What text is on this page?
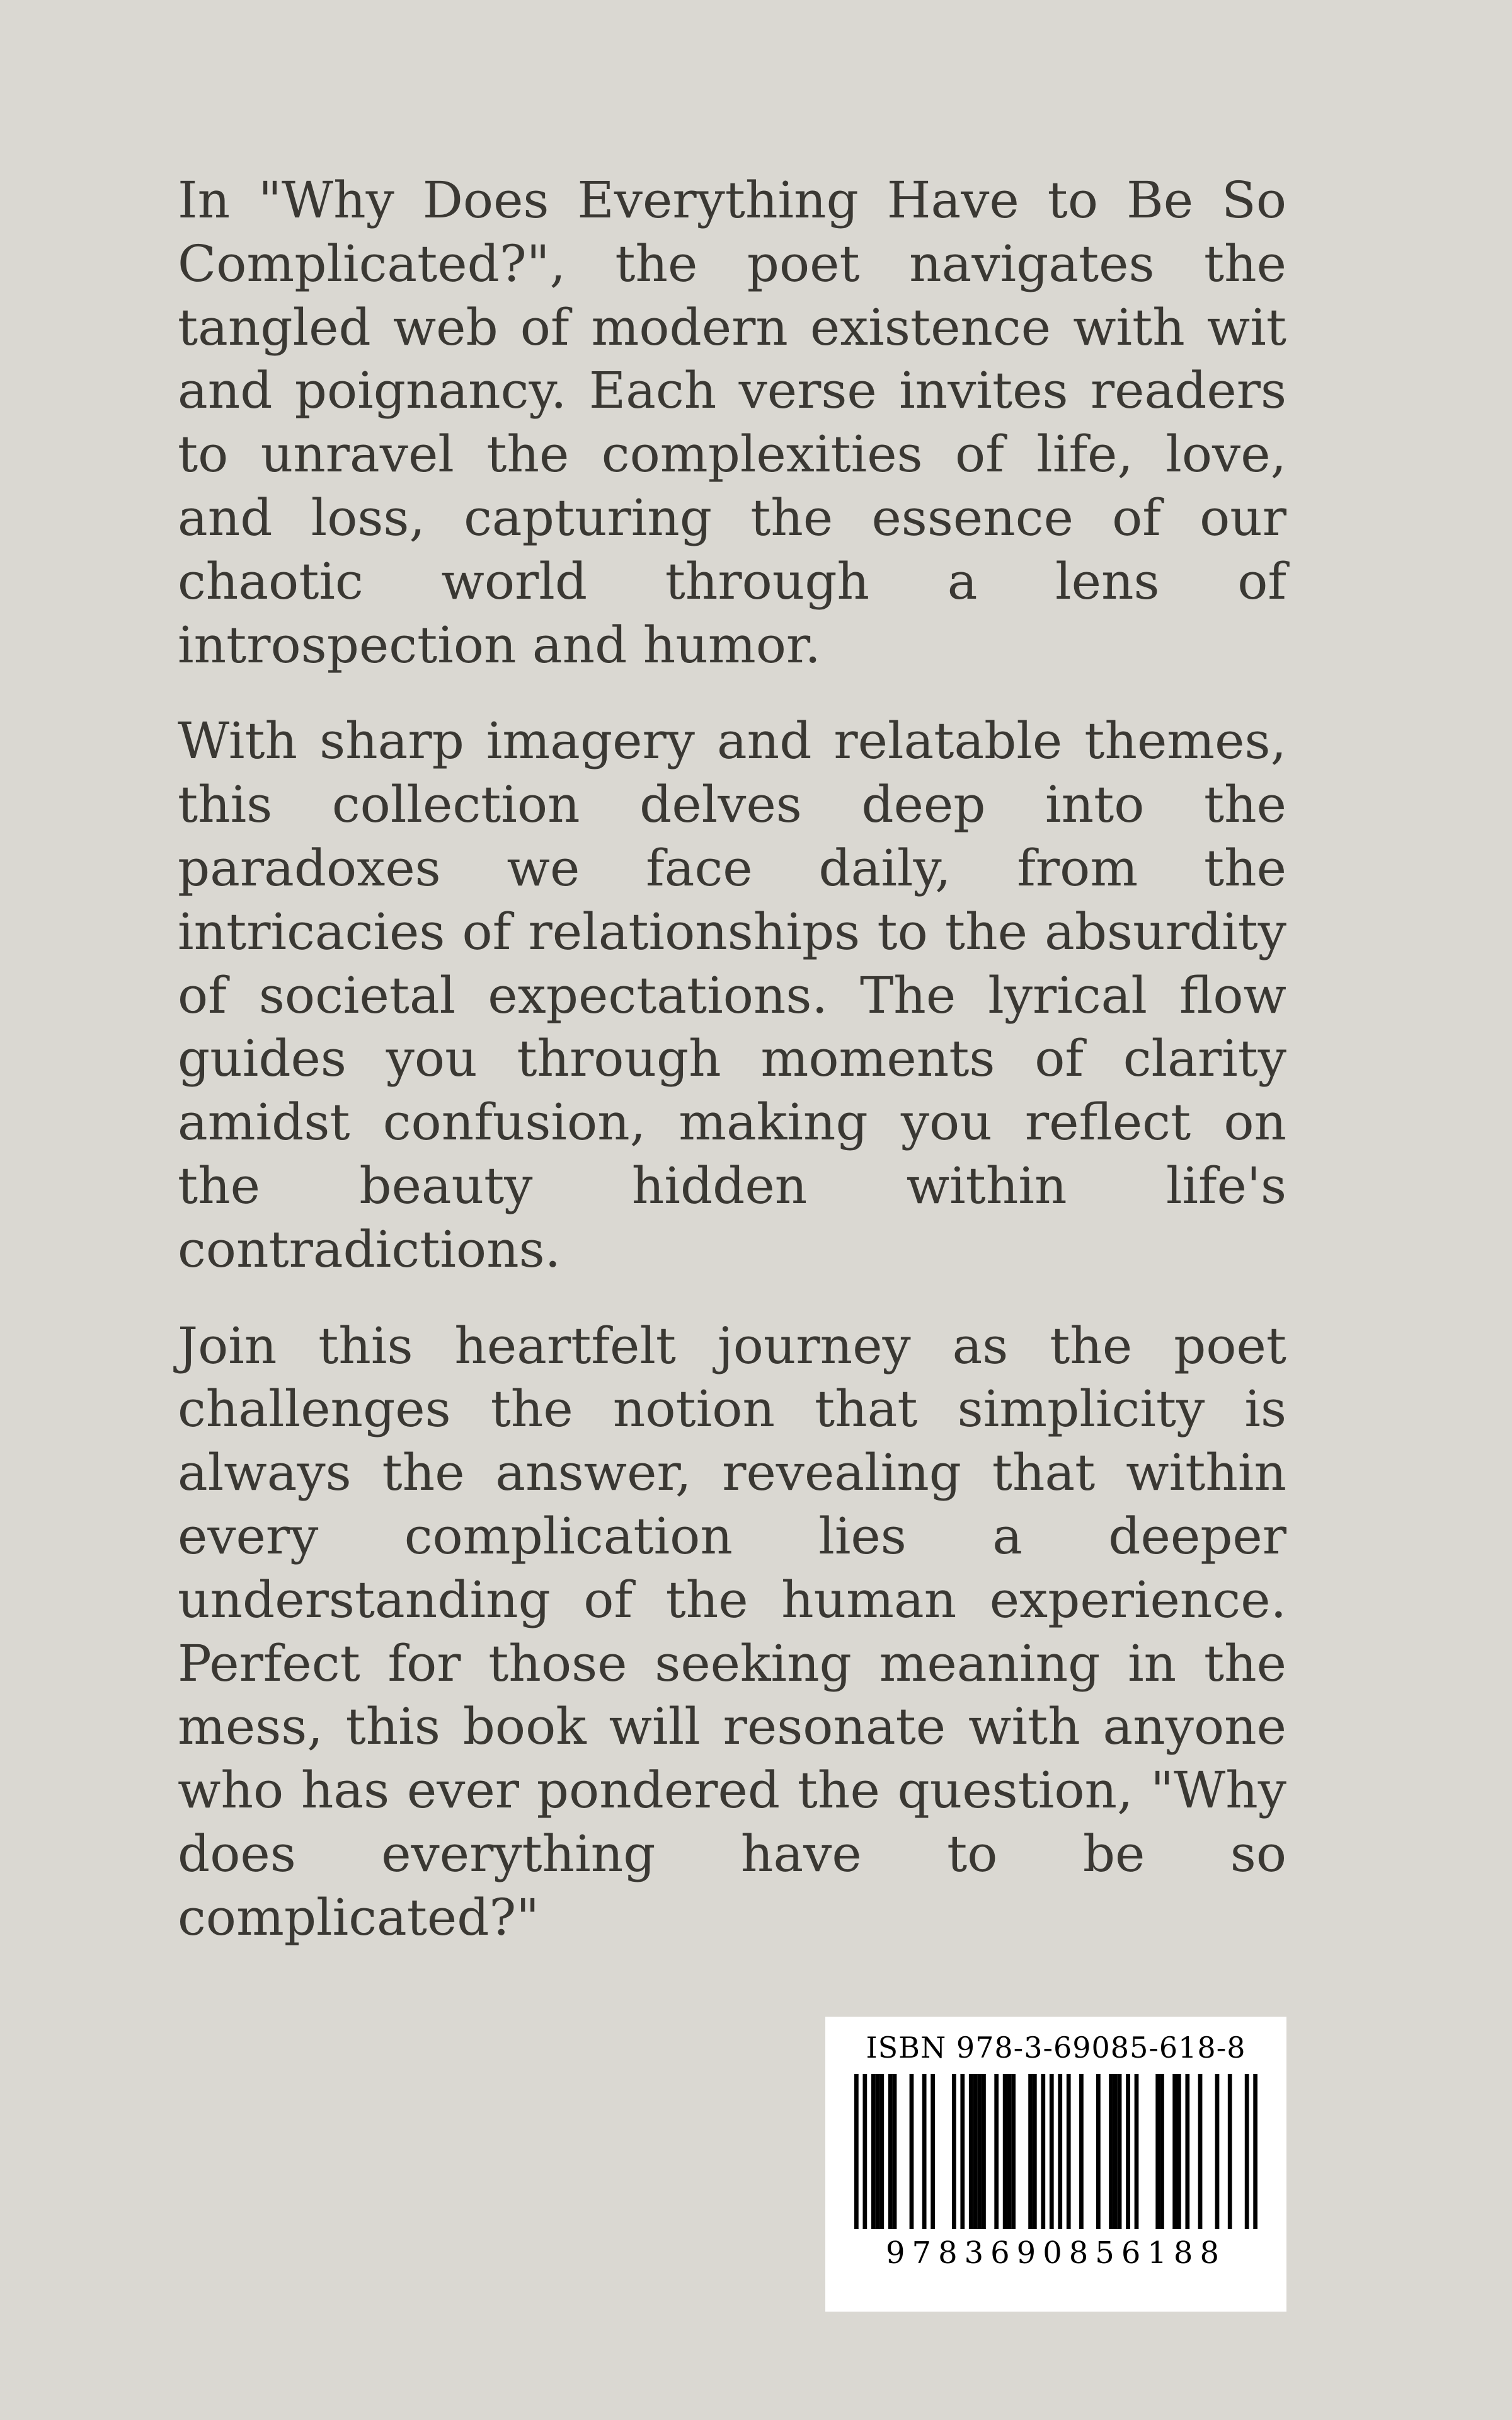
In "Why Does Everything Have to Be So Complicated?", the poet navigates the tangled web of modern existence with wit and poignancy. Each verse invites readers to unravel the complexities of life, love, and loss, capturing the essence of our chaotic world through a lens of introspection and humor.

With sharp imagery and relatable themes, this collection delves deep into the paradoxes we face daily, from the intricacies of relationships to the absurdity of societal expectations. The lyrical flow guides you through moments of clarity amidst confusion, making you reflect on the beauty hidden within life's contradictions.

Join this heartfelt journey as the poet challenges the notion that simplicity is always the answer, revealing that within every complication lies a deeper understanding of the human experience. Perfect for those seeking meaning in the mess, this book will resonate with anyone who has ever pondered the question, "Why does everything have to be so complicated?"

ISBN 978-3-69085-618-8
9783690856188
